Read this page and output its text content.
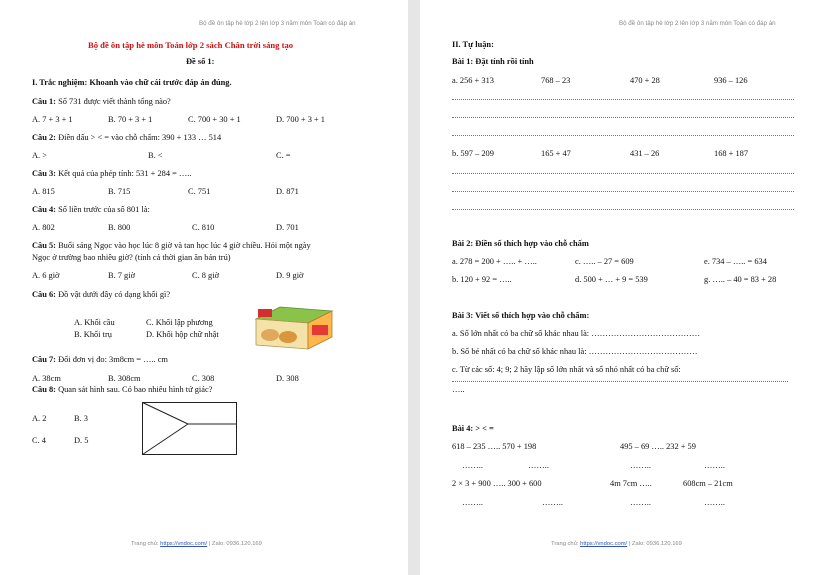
Bộ đề ôn tập hè lớp 2 lên lớp 3 năm môn Toán có đáp án
Bộ đề ôn tập hè môn Toán lớp 2 sách Chân trời sáng tạo
Đề số 1:
I. Trắc nghiệm: Khoanh vào chữ cái trước đáp án đúng.
Câu 1: Số 731 được viết thành tổng nào?
A. 7 + 3 + 1	B. 70 + 3 + 1	C. 700 + 30 + 1	D. 700 + 3 + 1
Câu 2: Điền dấu > < = vào chỗ chấm: 390 + 133 … 514
A. >	B. <	C. =
Câu 3: Kết quả của phép tính: 531 + 284 = …..
A. 815	B. 715	C. 751	D. 871
Câu 4: Số liền trước của số 801 là:
A. 802	B. 800	C. 810	D. 701
Câu 5: Buổi sáng Ngọc vào học lúc 8 giờ và tan học lúc 4 giờ chiều. Hỏi một ngày
Ngọc ở trường bao nhiêu giờ? (tính cả thời gian ăn bán trú)
A. 6 giờ	B. 7 giờ	C. 8 giờ	D. 9 giờ
Câu 6: Đồ vật dưới đây có dạng khối gì?
A. Khối cầu	C. Khối lập phương
B. Khối trụ	D. Khối hộp chữ nhật
Câu 7: Đổi đơn vị đo: 3m8cm = ….. cm
A. 38cm	B. 308cm	C. 308	D. 308
Câu 8: Quan sát hình sau. Có bao nhiêu hình tứ giác?
A. 2	B. 3
C. 4	D. 5
Trang chủ: https://vndoc.com/ | Zalo: 0936.120.169
Bộ đề ôn tập hè lớp 2 lên lớp 3 năm môn Toán có đáp án
II. Tự luận:
Bài 1: Đặt tính rồi tính
a. 256 + 313	768 – 23	470 + 28	936 – 126
b. 597 – 209	165 + 47	431 – 26	168 + 187
Bài 2: Điền số thích hợp vào chỗ chấm
a. 278 = 200 + ….. + …..	c. ….. – 27 = 609	e. 734 – ….. = 634
b. 120 + 92 = …..	d. 500 + … + 9 = 539	g. ….. – 40 = 83 + 28
Bài 3: Viết số thích hợp vào chỗ chấm:
a. Số lớn nhất có ba chữ số khác nhau là: …………………………………
b. Số bé nhất có ba chữ số khác nhau là: …………………………………
c. Từ các số: 4; 9; 2 hãy lập số lớn nhất và số nhỏ nhất có ba chữ số:
…..
Bài 4: > < =
618 – 235 ….. 570 + 198	495 – 69 ….. 232 + 59
……..	……..	……..	……..
2 × 3 + 900 ….. 300 + 600	4m 7cm …..	608cm – 21cm
……..	……..	……..	……..
Trang chủ: https://vndoc.com/ | Zalo: 0936.120.169
